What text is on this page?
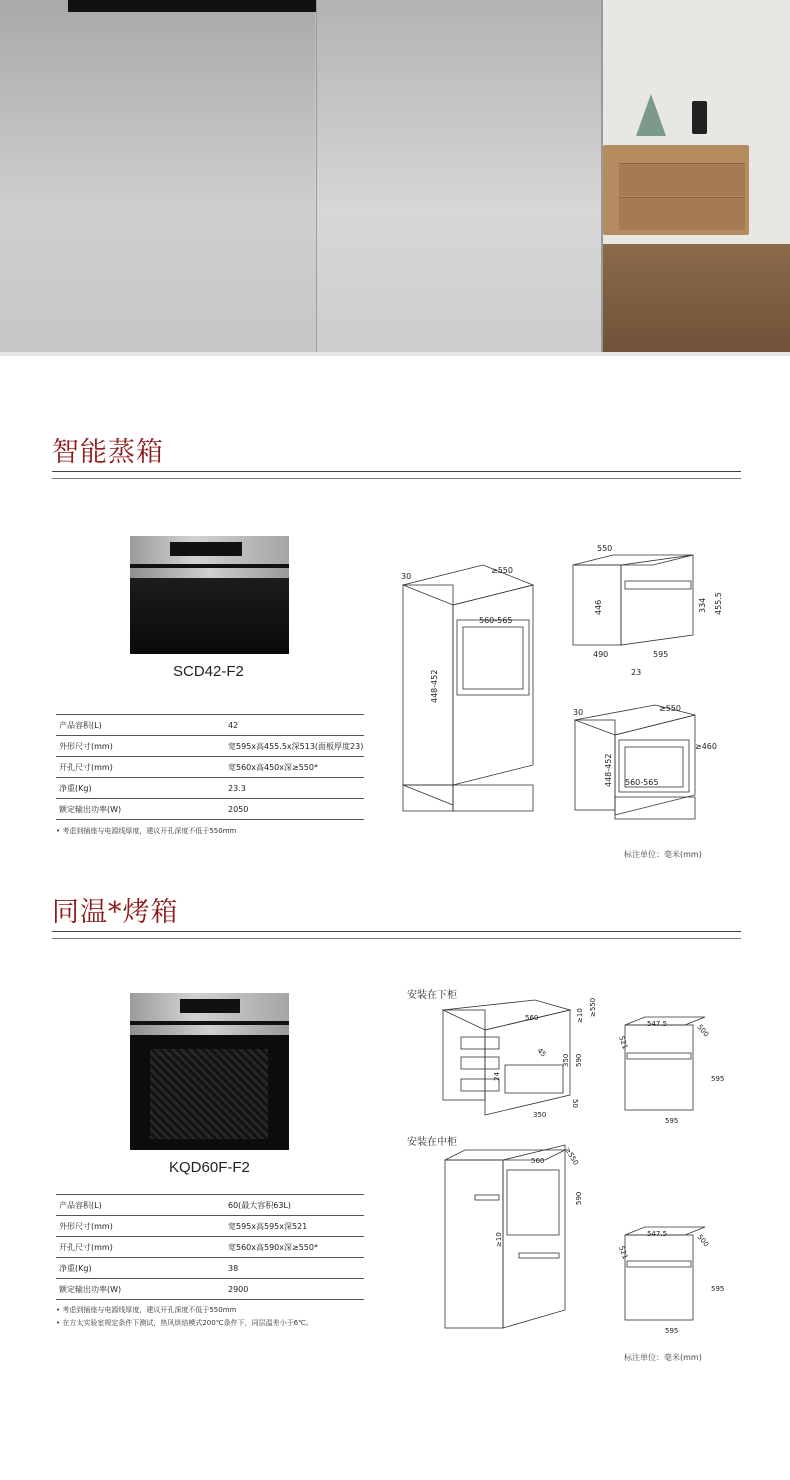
智能蒸箱
SCD42-F2
产品容积(L)	42
外形尺寸(mm)	宽595x高455.5x深513(面板厚度23)
开孔尺寸(mm)	宽560x高450x深≥550*
净重(Kg)	23.3
额定输出功率(W)	2050
• 考虑到插座与电源线厚度，建议开孔深度不低于550mm
30
≥550
560-565
448-452
550
446	334 455.5
490	595
23
30	≥550
≥460
448-452 560-565
标注单位：毫米(mm)
同温*烤箱
KQD60F-F2
产品容积(L)	60(最大容积63L)
外形尺寸(mm)	宽595x高595x深521
开孔尺寸(mm)	宽560x高590x深≥550*
净重(Kg)	38
额定输出功率(W)	2900
• 考虑到插座与电源线厚度，建议开孔深度不低于550mm
• 在方太实验室规定条件下测试，热风烘焙模式200℃条件下，同层温差小于6℃。
安装在下柜
安装在中柜
560
≥550
≥10
45
350 590
24
350
50
560	≥550
590
≥10
547.5	500
521
595
595
547.5	500
521
595
595
标注单位：毫米(mm)
